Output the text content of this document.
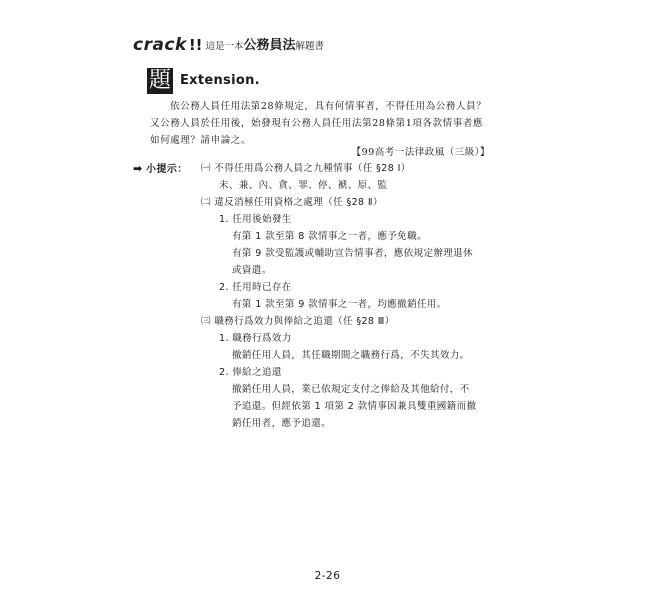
crack !! 這是一本公務員法解題書
題 Extension.

依公務人員任用法第28條規定，具有何情事者，不得任用為公務人員？又公務人員於任用後，始發現有公務人員任用法第28條第1項各款情事者應如何處理？請申論之。

【99高考一法律政風（三級）】
➡ 小提示： ㈠ 不得任用爲公務人員之九種情事（任 §28 Ⅰ）
未、兼、內、貪、罪、停、褫、原、監
㈡ 違反消極任用資格之處理（任 §28 Ⅱ）
1. 任用後始發生
有第 1 款至第 8 款情事之一者，應予免職。
有第 9 款受監護或輔助宣告情事者，應依規定辦理退休
或資遣。
2. 任用時已存在
有第 1 款至第 9 款情事之一者，均應撤銷任用。
㈢ 職務行爲效力與俸給之追還（任 §28 Ⅲ）
1. 職務行爲效力
撤銷任用人員，其任職期間之職務行爲，不失其效力。
2. 俸給之追還
撤銷任用人員，業已依規定支付之俸給及其他給付，不
予追還。但經依第 1 項第 2 款情事因兼具雙重國籍而撤
銷任用者，應予追還。
2-26
